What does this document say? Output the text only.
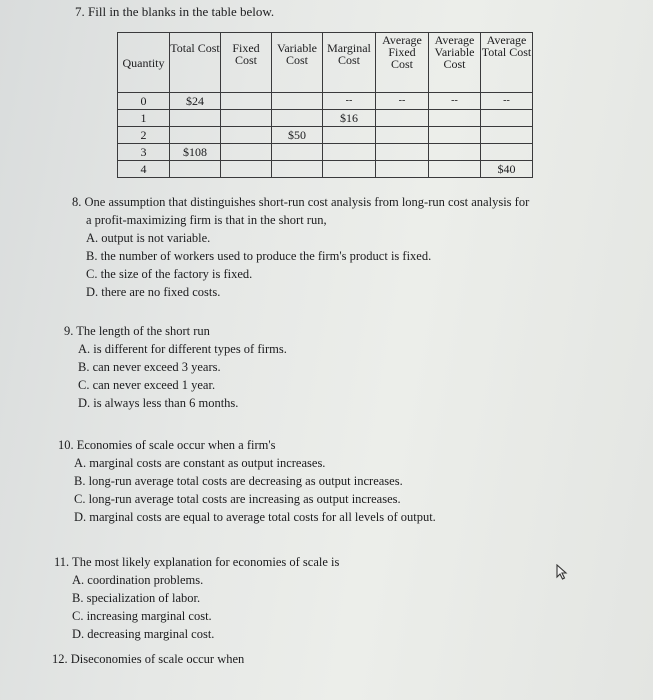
7. Fill in the blanks in the table below.
Quantity	Total Cost	Fixed Cost	Variable Cost	Marginal Cost	Average Fixed Cost	Average Variable Cost	Average Total Cost
0	$24			--	--	--	--
1				$16			
2			$50				
3	$108						
4							$40
8. One assumption that distinguishes short-run cost analysis from long-run cost analysis for
a profit-maximizing firm is that in the short run,
A. output is not variable.
B. the number of workers used to produce the firm's product is fixed.
C. the size of the factory is fixed.
D. there are no fixed costs.
9. The length of the short run
A. is different for different types of firms.
B. can never exceed 3 years.
C. can never exceed 1 year.
D. is always less than 6 months.
10. Economies of scale occur when a firm's
A. marginal costs are constant as output increases.
B. long-run average total costs are decreasing as output increases.
C. long-run average total costs are increasing as output increases.
D. marginal costs are equal to average total costs for all levels of output.
11. The most likely explanation for economies of scale is
A. coordination problems.
B. specialization of labor.
C. increasing marginal cost.
D. decreasing marginal cost.
12. Diseconomies of scale occur when
